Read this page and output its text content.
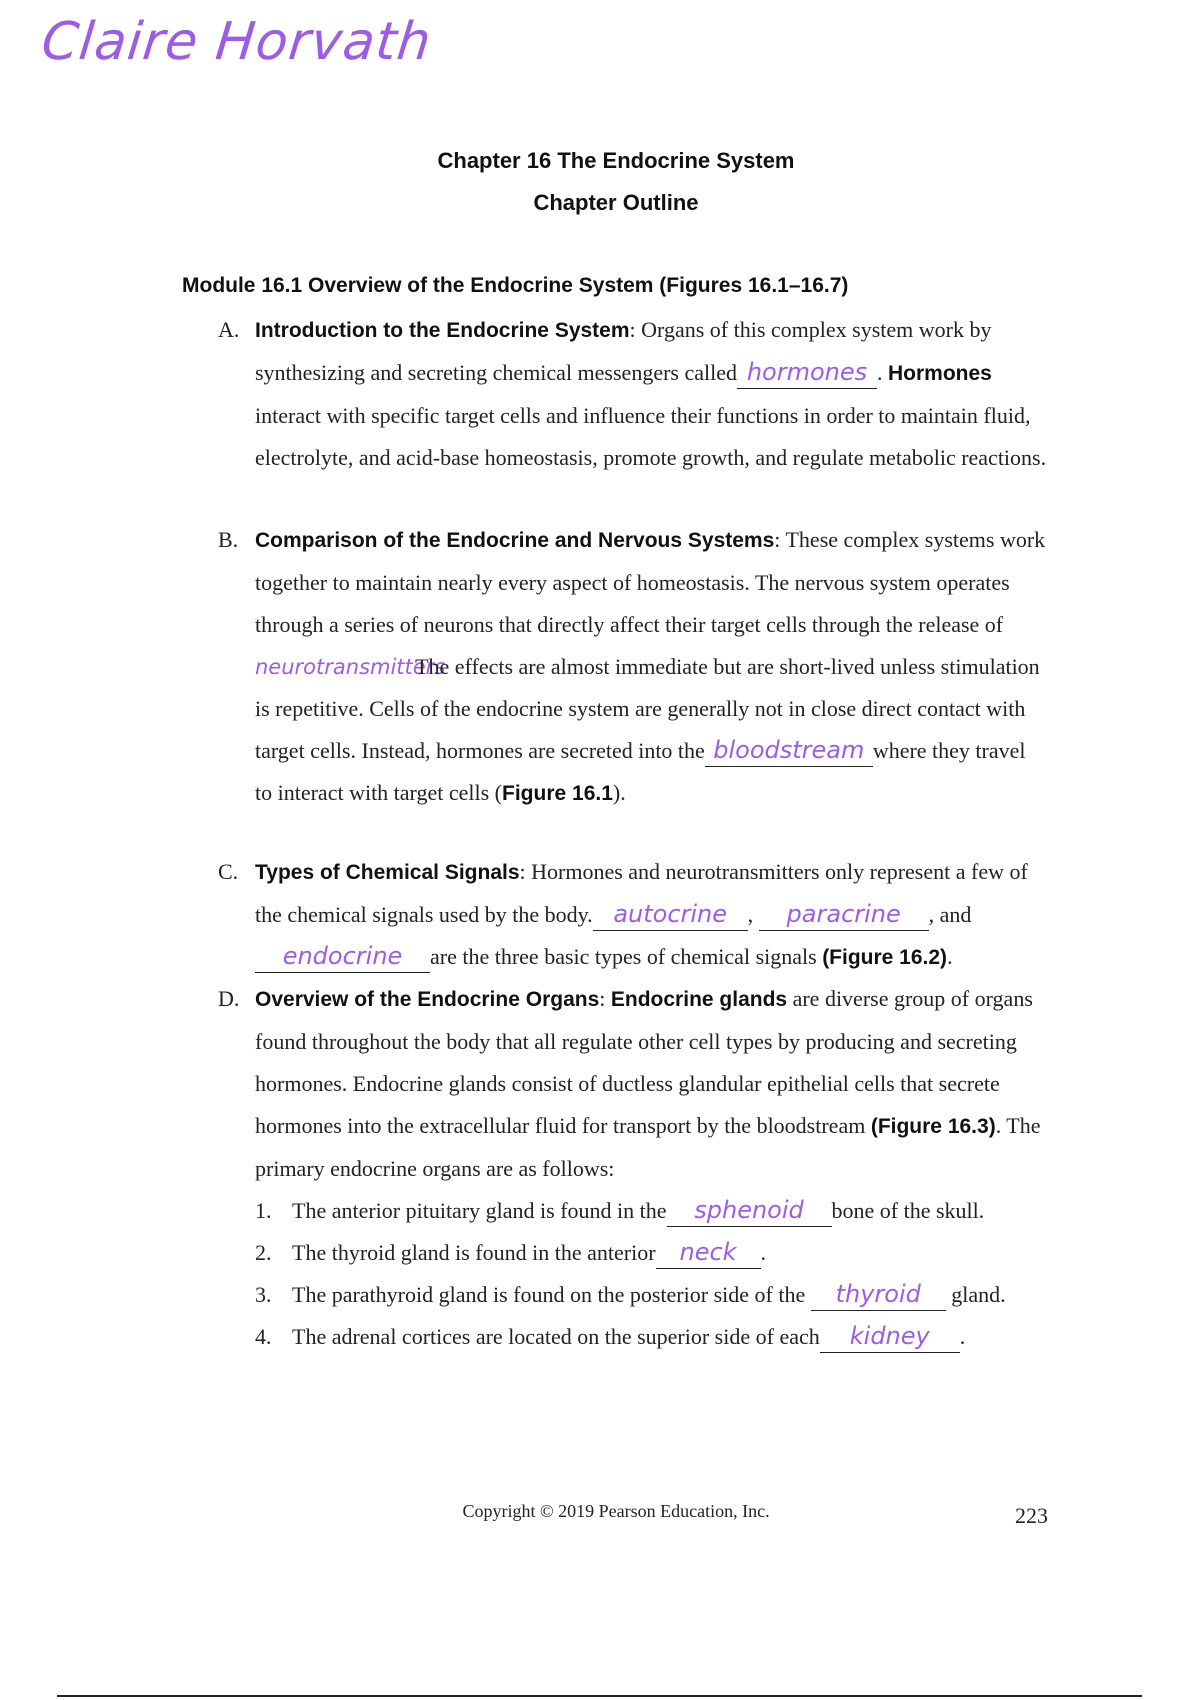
Claire Horvath
Chapter 16 The Endocrine System
Chapter Outline
Module 16.1 Overview of the Endocrine System (Figures 16.1–16.7)
A. Introduction to the Endocrine System: Organs of this complex system work by synthesizing and secreting chemical messengers called hormones . Hormones interact with specific target cells and influence their functions in order to maintain fluid, electrolyte, and acid-base homeostasis, promote growth, and regulate metabolic reactions.
B. Comparison of the Endocrine and Nervous Systems: These complex systems work together to maintain nearly every aspect of homeostasis. The nervous system operates through a series of neurons that directly affect their target cells through the release ofneurotransmitters The effects are almost immediate but are short-lived unless stimulation is repetitive. Cells of the endocrine system are generally not in close direct contact with target cells. Instead, hormones are secreted into the bloodstream where they travel to interact with target cells (Figure 16.1).
C. Types of Chemical Signals: Hormones and neurotransmitters only represent a few of the chemical signals used by the body. autocrine , paracrine , andendocrine are the three basic types of chemical signals (Figure 16.2).
D. Overview of the Endocrine Organs: Endocrine glands are diverse group of organs found throughout the body that all regulate other cell types by producing and secreting hormones. Endocrine glands consist of ductless glandular epithelial cells that secrete hormones into the extracellular fluid for transport by the bloodstream (Figure 16.3). The primary endocrine organs are as follows:
1. The anterior pituitary gland is found in the sphenoid bone of the skull.
2. The thyroid gland is found in the anterior neck .
3. The parathyroid gland is found on the posterior side of the thyroid gland.
4. The adrenal cortices are located on the superior side of each kidney .
Copyright © 2019 Pearson Education, Inc.	223
